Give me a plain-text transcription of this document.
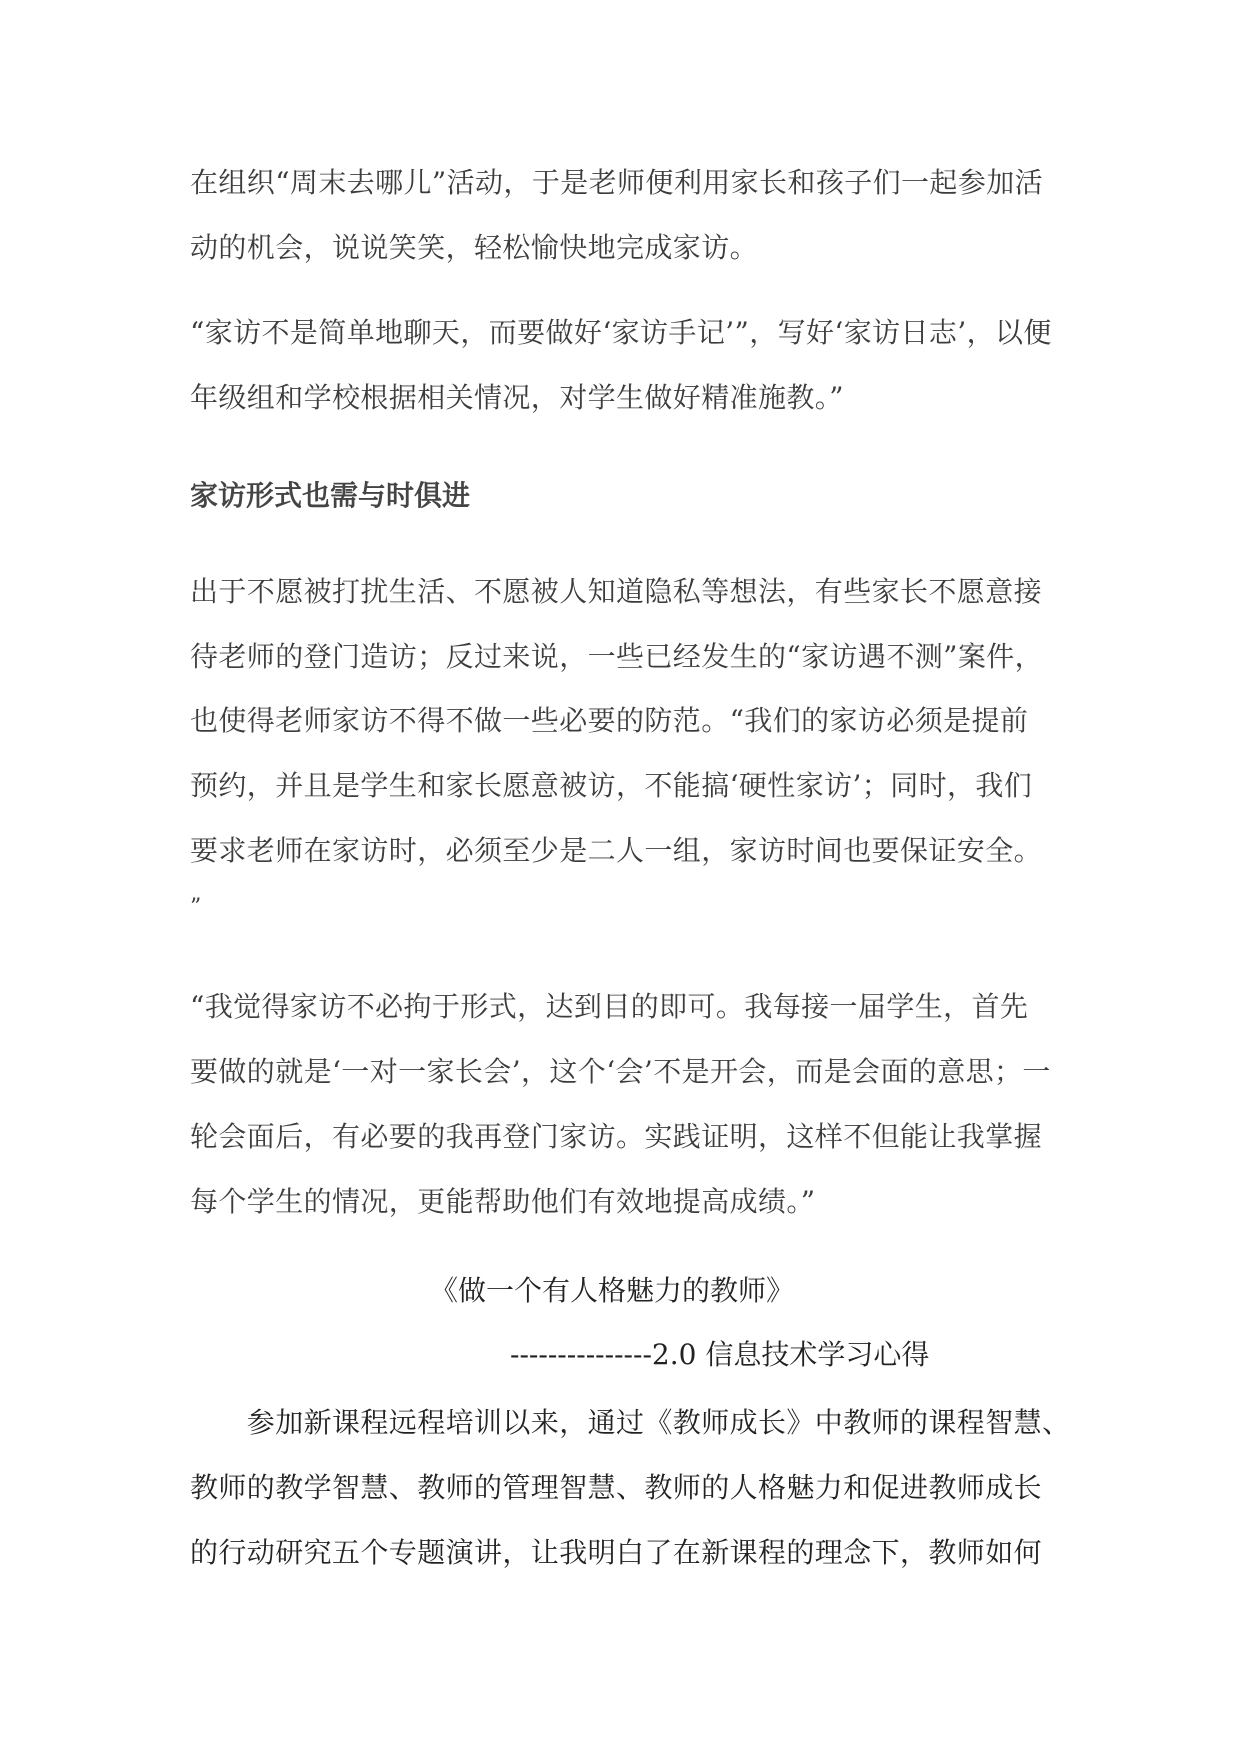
在组织“周末去哪儿”活动，于是老师便利用家长和孩子们一起参加活
动的机会，说说笑笑，轻松愉快地完成家访。
“家访不是简单地聊天，而要做好‘家访手记’”，写好‘家访日志’，以便
年级组和学校根据相关情况，对学生做好精准施教。”
家访形式也需与时俱进
出于不愿被打扰生活、不愿被人知道隐私等想法，有些家长不愿意接
待老师的登门造访；反过来说，一些已经发生的“家访遇不测”案件，
也使得老师家访不得不做一些必要的防范。“我们的家访必须是提前
预约，并且是学生和家长愿意被访，不能搞‘硬性家访’；同时，我们
要求老师在家访时，必须至少是二人一组，家访时间也要保证安全。
”
“我觉得家访不必拘于形式，达到目的即可。我每接一届学生，首先
要做的就是‘一对一家长会’，这个‘会’不是开会，而是会面的意思；一
轮会面后，有必要的我再登门家访。实践证明，这样不但能让我掌握
每个学生的情况，更能帮助他们有效地提高成绩。”
《做一个有人格魅力的教师》
---------------2.0 信息技术学习心得
　　参加新课程远程培训以来，通过《教师成长》中教师的课程智慧、
教师的教学智慧、教师的管理智慧、教师的人格魅力和促进教师成长
的行动研究五个专题演讲，让我明白了在新课程的理念下，教师如何
